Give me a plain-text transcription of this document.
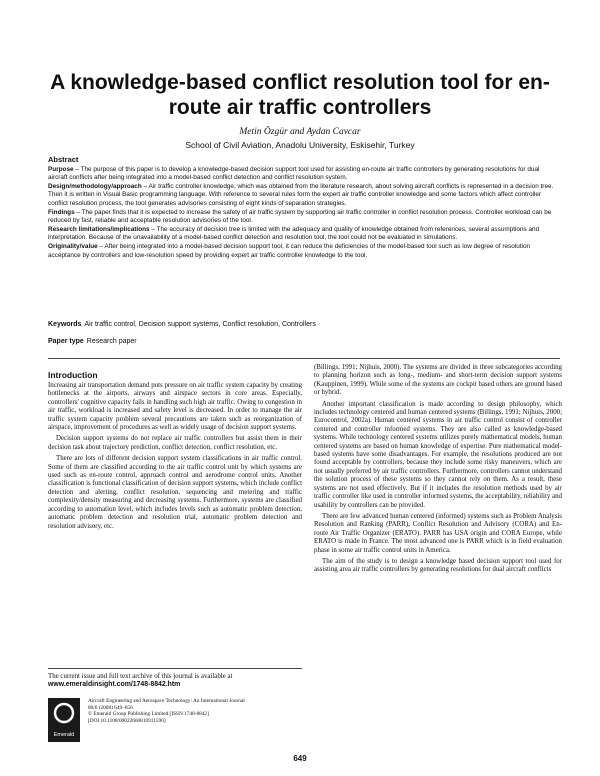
A knowledge-based conflict resolution tool for en-route air traffic controllers
Metin Özgür and Aydan Cavcar
School of Civil Aviation, Anadolu University, Eskisehir, Turkey
Abstract

Purpose – The purpose of this paper is to develop a knowledge-based decision support tool used for assisting en-route air traffic controllers by generating resolutions for dual aircraft conflicts after being integrated into a model-based conflict detection and conflict resolution system.

Design/methodology/approach – Air traffic controller knowledge, which was obtained from the literature research, about solving aircraft conflicts is represented in a decision tree. Then it is written in Visual Basic programming language. With reference to several rules form the expert air traffic controller knowledge and some factors which affect controller conflict resolution process, the tool generates advisories consisting of eight kinds of separation strategies.

Findings – The paper finds that it is expected to increase the safety of air traffic system by supporting air traffic controller in conflict resolution process. Controller workload can be reduced by fast, reliable and acceptable resolution advisories of the tool.

Research limitations/implications – The accuracy of decision tree is limited with the adequacy and quality of knowledge obtained from references, several assumptions and interpretation. Because of the unavailability of a model-based conflict detection and resolution tool, the tool could not be evaluated in simulations.

Originality/value – After being integrated into a model-based decision support tool, it can reduce the deficiencies of the model-based tool such as low degree of resolution acceptance by controllers and low-resolution speed by providing expert air traffic controller knowledge to the tool.

Keywords Air traffic control, Decision support systems, Conflict resolution, Controllers
Paper type Research paper
Introduction

Increasing air transportation demand puts pressure on air traffic system capacity by creating bottlenecks at the airports, airways and airspace sectors in core areas. Especially, controllers' cognitive capacity fails in handling such high air traffic. Owing to congestion in air traffic, workload is increased and safety level is decreased. In order to manage the air traffic system capacity problem several precautions are taken such as reorganization of airspace, improvement of procedures as well as widely usage of decision support systems.

Decision support systems do not replace air traffic controllers but assist them in their decision task about trajectory prediction, conflict detection, conflict resolution, etc.

There are lots of different decision support system classifications in air traffic control. Some of them are classified according to the air traffic control unit by which systems are used such as en-route control, approach control and aerodrome control units. Another classification is functional classification of decision support systems, which include conflict detection and alerting, conflict resolution, sequencing and metering and traffic complexity/density measuring and decreasing systems. Furthermore, systems are classified according to automation level, which includes levels such as automatic problem detection, automatic problem detection and resolution trial, automatic problem detection and resolution advisory, etc.

(Billings, 1991; Nijhuis, 2000). The systems are divided in three subcategories according to planning horizon such as long-, medium- and short-term decision support systems (Kauppinen, 1999). While some of the systems are cockpit based others are ground based or hybrid.

Another important classification is made according to design philosophy, which includes technology centered and human centered systems (Billings, 1991; Nijhuis, 2000; Eurocontrol, 2002a). Human centered systems in air traffic control consist of controller centered and controller informed systems. They are also called as knowledge-based systems. While technology centered systems utilizes purely mathematical models, human centered systems are based on human knowledge of expertise. Pure mathematical model-based systems have some disadvantages. For example, the resolutions produced are not found acceptable by controllers, because they include some risky maneuvers, which are not usually preferred by air traffic controllers. Furthermore, controllers cannot understand the solution process of these systems so they cannot rely on them. As a result, these systems are not used effectively. But if it includes the resolution methods used by air traffic controller like used in controller informed systems, the acceptability, reliability and usability by controllers can be provided.

There are few advanced human centered (informed) systems such as Problem Analysis Resolution and Ranking (PARR), Conflict Resolution and Advisory (CORA) and En-route Air Traffic Organizer (ERATO). PARR has USA origin and CORA Europe, while ERATO is made in France. The most advanced one is PARR which is in field evaluation phase in some air traffic control units in America.

The aim of the study is to design a knowledge based decision support tool used for assisting area air traffic controllers by generating resolutions for dual aircraft conflicts

The current issue and full text archive of this journal is available at
www.emeraldinsight.com/1748-8842.htm
Emerald
Aircraft Engineering and Aerospace Technology: An International Journal
80/6 (2008) 649–656
© Emerald Group Publishing Limited [ISSN 1748-8842]
[DOI 10.1108/00022660810911590]
649
